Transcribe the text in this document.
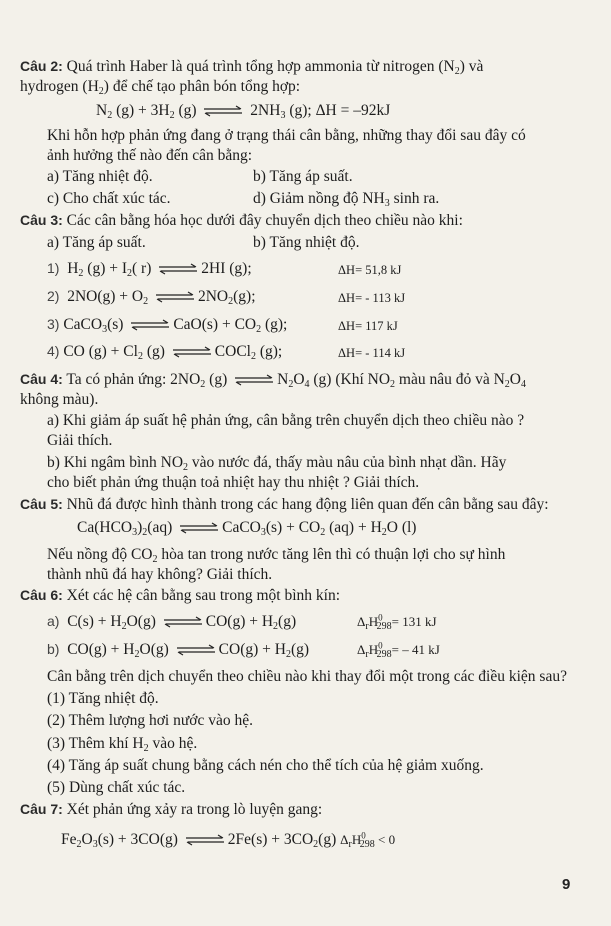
Câu 2: Quá trình Haber là quá trình tổng hợp ammonia từ nitrogen $(N_2)$ và
hydrogen $(H_2)$ để chế tạo phân bón tổng hợp:
$N_2$ $(g) + 3H_2$ (g) ⇌ $2NH_3$ (g); ΔH = –92kJ
Khi hỗn hợp phản ứng đang ở trạng thái cân bằng, những thay đổi sau đây có
ảnh hưởng thế nào đến cân bằng:
a) Tăng nhiệt độ.	b) Tăng áp suất.
c) Cho chất xúc tác.	d) Giảm nồng độ $NH_3$ sinh ra.
Câu 3: Các cân bằng hóa học dưới đây chuyển dịch theo chiều nào khi:
a) Tăng áp suất.	b) Tăng nhiệt độ.
1) $H_2$ $(g) + I_2$( r) ⇌ 2HI (g);	ΔH= 51,8 kJ
2) $2NO(g) + O_2$ ⇌ $2NO_2(g)$;	ΔH= - 113 kJ
3) CaCO$_3$(s) ⇌ $CaO(s) + CO_2$ (g);	ΔH= 117 kJ
4) CO $(g) + Cl_2$ (g) ⇌ COCl$_2$ (g);	ΔH= - 114 kJ
Câu 4: Ta có phản ứng: $2NO_2$ (g) ⇌ $N_2O_4$ (g) (Khí $NO_2$ màu nâu đỏ và $N_2O_4$
không màu).
a) Khi giảm áp suất hệ phản ứng, cân bằng trên chuyển dịch theo chiều nào ?
Giải thích.
b) Khi ngâm bình $NO_2$ vào nước đá, thấy màu nâu của bình nhạt dần. Hãy
cho biết phản ứng thuận toả nhiệt hay thu nhiệt ? Giải thích.
Câu 5: Nhũ đá được hình thành trong các hang động liên quan đến cân bằng sau đây:
$Ca(HCO_3)_2(aq)$ ⇌ CaCO$_3$(s) + $CO_2$ $(aq) + H_2O$ (l)
Nếu nồng độ $CO_2$ hòa tan trong nước tăng lên thì có thuận lợi cho sự hình
thành nhũ đá hay không? Giải thích.
Câu 6: Xét các hệ cân bằng sau trong một bình kín:
a) $C(s) + H_2O(g)$ ⇌ $CO(g) + H_2(g)$	$\Delta_rH^0_{298}= 131$ kJ
b) $CO(g) + H_2O(g)$ ⇌ $CO(g) + H_2(g)$	$\Delta_rH^0_{298}= - 41$ kJ
Cân bằng trên dịch chuyển theo chiều nào khi thay đổi một trong các điều kiện sau?
(1) Tăng nhiệt độ.
(2) Thêm lượng hơi nước vào hệ.
(3) Thêm khí $H_2$ vào hệ.
(4) Tăng áp suất chung bằng cách nén cho thể tích của hệ giảm xuống.
(5) Dùng chất xúc tác.
Câu 7: Xét phản ứng xảy ra trong lò luyện gang:
$Fe_2O_3(s) + 3CO(g)$ ⇌ $2Fe(s) + 3CO_2(g) \Delta_rH^0_{298} < 0$
9
